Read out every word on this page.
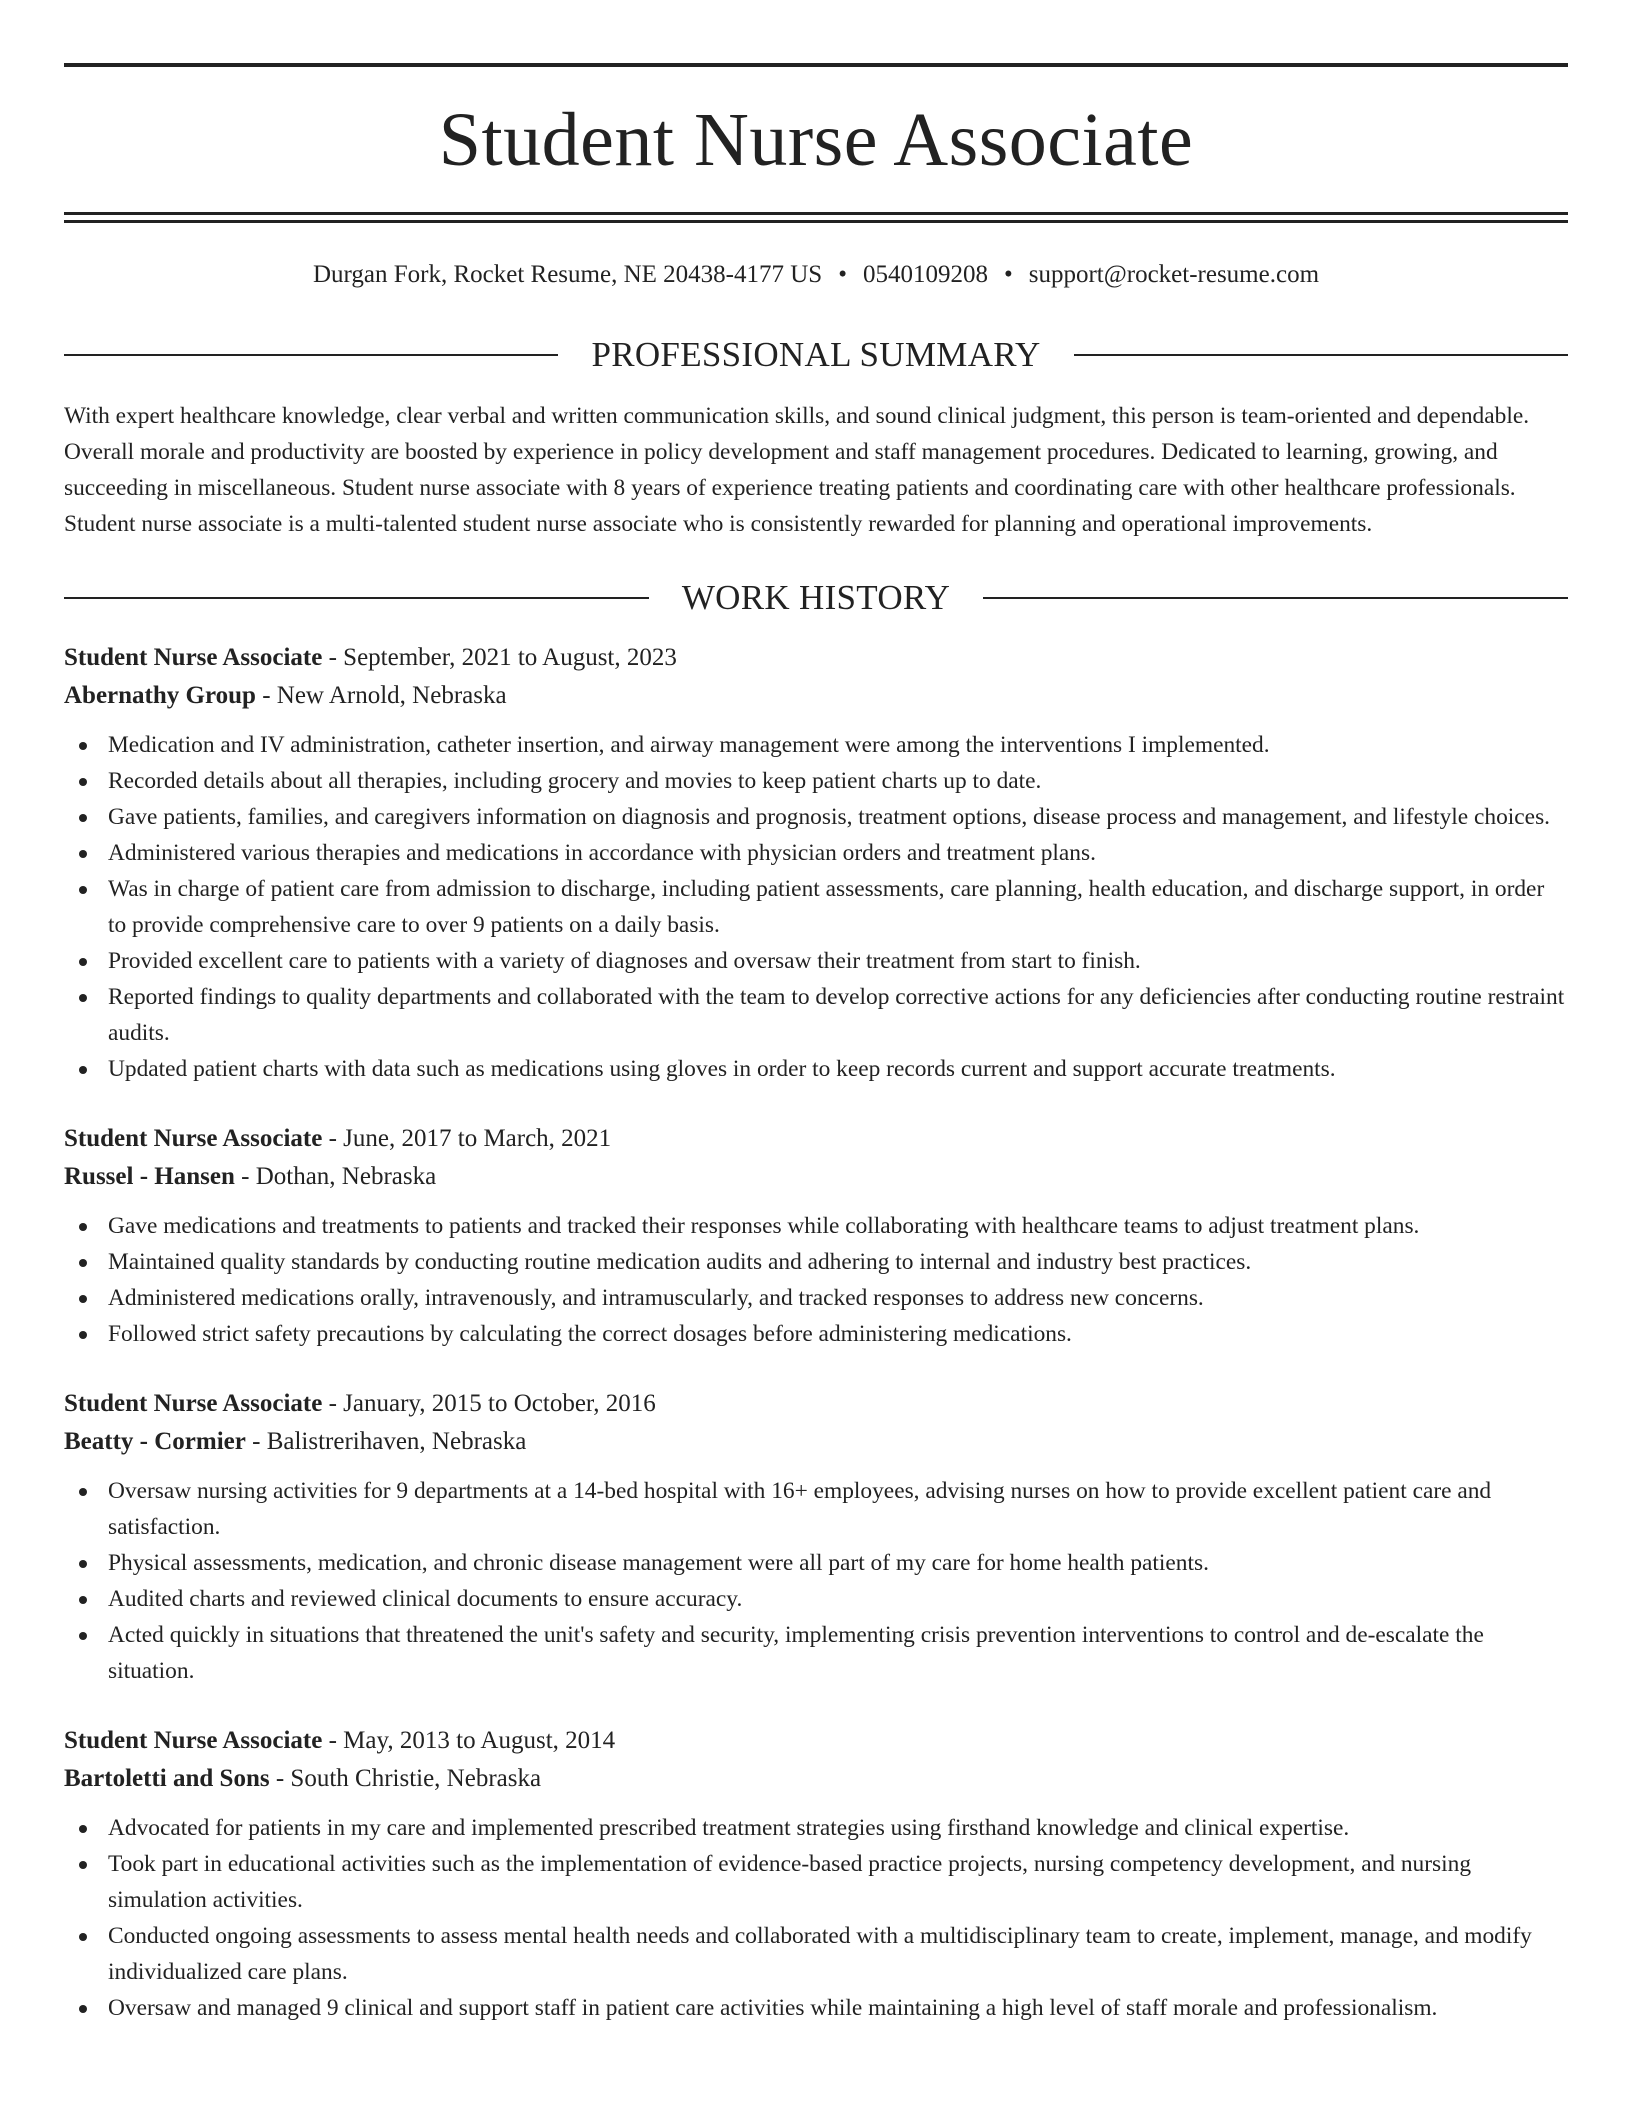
Student Nurse Associate
Durgan Fork, Rocket Resume, NE 20438-4177 US • 0540109208 • support@rocket-resume.com
PROFESSIONAL SUMMARY

With expert healthcare knowledge, clear verbal and written communication skills, and sound clinical judgment, this person is team-oriented and dependable. Overall morale and productivity are boosted by experience in policy development and staff management procedures. Dedicated to learning, growing, and succeeding in miscellaneous. Student nurse associate with 8 years of experience treating patients and coordinating care with other healthcare professionals. Student nurse associate is a multi-talented student nurse associate who is consistently rewarded for planning and operational improvements.

WORK HISTORY
Student Nurse Associate - September, 2021 to August, 2023
Abernathy Group - New Arnold, Nebraska
Medication and IV administration, catheter insertion, and airway management were among the interventions I implemented.
Recorded details about all therapies, including grocery and movies to keep patient charts up to date.
Gave patients, families, and caregivers information on diagnosis and prognosis, treatment options, disease process and management, and lifestyle choices.
Administered various therapies and medications in accordance with physician orders and treatment plans.
Was in charge of patient care from admission to discharge, including patient assessments, care planning, health education, and discharge support, in order to provide comprehensive care to over 9 patients on a daily basis.
Provided excellent care to patients with a variety of diagnoses and oversaw their treatment from start to finish.
Reported findings to quality departments and collaborated with the team to develop corrective actions for any deficiencies after conducting routine restraint audits.
Updated patient charts with data such as medications using gloves in order to keep records current and support accurate treatments.
Student Nurse Associate - June, 2017 to March, 2021
Russel - Hansen - Dothan, Nebraska
Gave medications and treatments to patients and tracked their responses while collaborating with healthcare teams to adjust treatment plans.
Maintained quality standards by conducting routine medication audits and adhering to internal and industry best practices.
Administered medications orally, intravenously, and intramuscularly, and tracked responses to address new concerns.
Followed strict safety precautions by calculating the correct dosages before administering medications.
Student Nurse Associate - January, 2015 to October, 2016
Beatty - Cormier - Balistrerihaven, Nebraska
Oversaw nursing activities for 9 departments at a 14-bed hospital with 16+ employees, advising nurses on how to provide excellent patient care and satisfaction.
Physical assessments, medication, and chronic disease management were all part of my care for home health patients.
Audited charts and reviewed clinical documents to ensure accuracy.
Acted quickly in situations that threatened the unit's safety and security, implementing crisis prevention interventions to control and de-escalate the situation.
Student Nurse Associate - May, 2013 to August, 2014
Bartoletti and Sons - South Christie, Nebraska
Advocated for patients in my care and implemented prescribed treatment strategies using firsthand knowledge and clinical expertise.
Took part in educational activities such as the implementation of evidence-based practice projects, nursing competency development, and nursing simulation activities.
Conducted ongoing assessments to assess mental health needs and collaborated with a multidisciplinary team to create, implement, manage, and modify individualized care plans.
Oversaw and managed 9 clinical and support staff in patient care activities while maintaining a high level of staff morale and professionalism.
